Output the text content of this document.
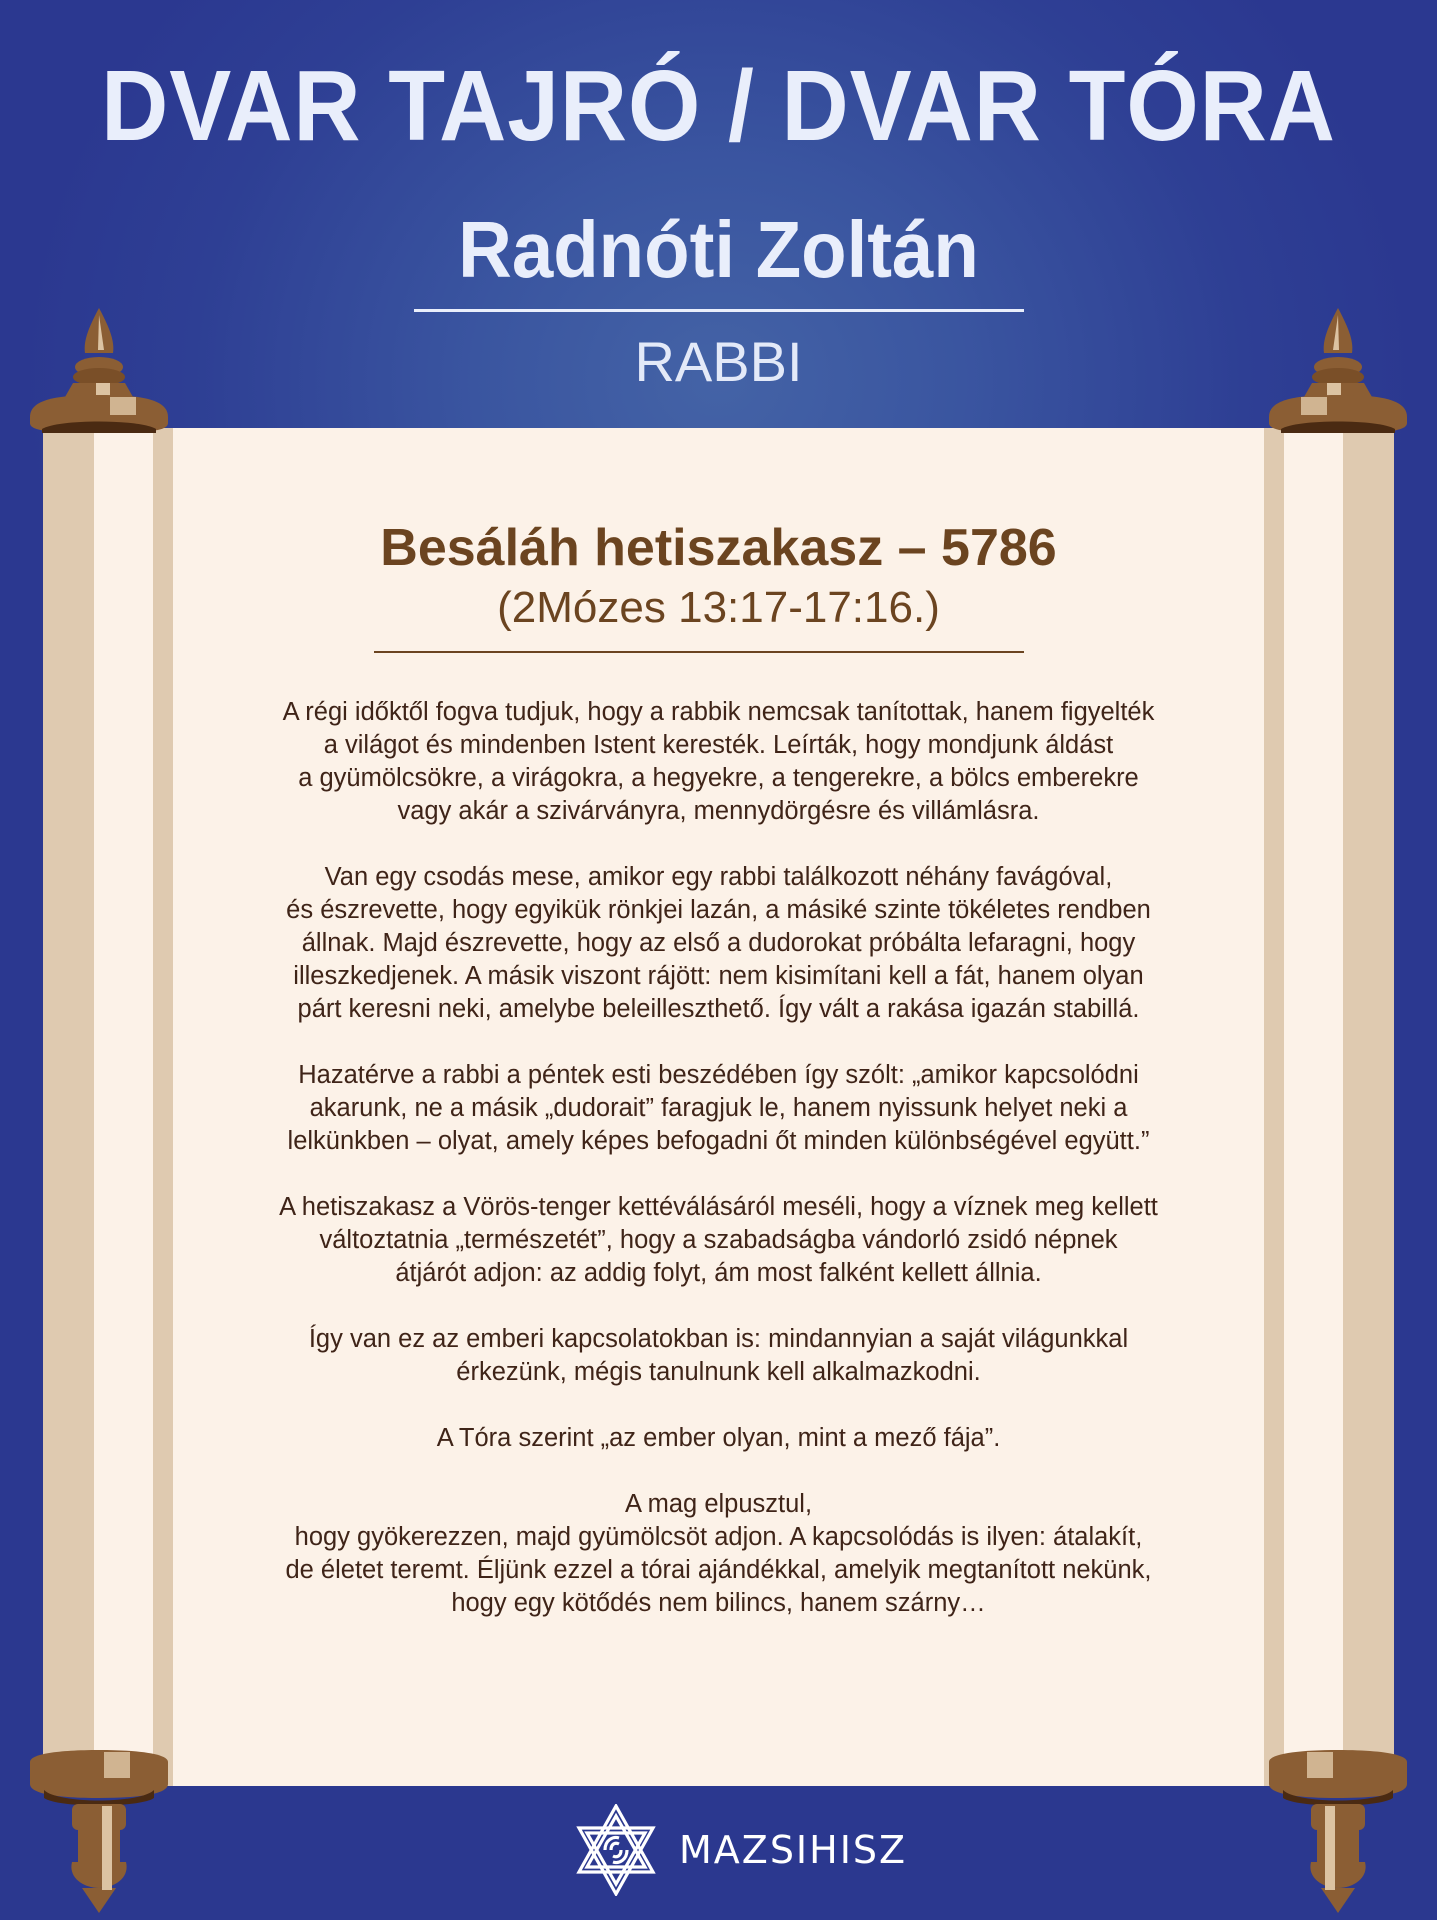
DVAR TAJRÓ / DVAR TÓRA
Radnóti Zoltán
RABBI
Besáláh hetiszakasz – 5786
(2Mózes 13:17-17:16.)

A régi időktől fogva tudjuk, hogy a rabbik nemcsak tanítottak, hanem figyelték
a világot és mindenben Istent keresték. Leírták, hogy mondjunk áldást
a gyümölcsökre, a virágokra, a hegyekre, a tengerekre, a bölcs emberekre
vagy akár a szivárványra, mennydörgésre és villámlásra.

Van egy csodás mese, amikor egy rabbi találkozott néhány favágóval,
és észrevette, hogy egyikük rönkjei lazán, a másiké szinte tökéletes rendben
állnak. Majd észrevette, hogy az első a dudorokat próbálta lefaragni, hogy
illeszkedjenek. A másik viszont rájött: nem kisimítani kell a fát, hanem olyan
párt keresni neki, amelybe beleilleszthető. Így vált a rakása igazán stabillá.

Hazatérve a rabbi a péntek esti beszédében így szólt: „amikor kapcsolódni
akarunk, ne a másik „dudorait” faragjuk le, hanem nyissunk helyet neki a
lelkünkben – olyat, amely képes befogadni őt minden különbségével együtt.”

A hetiszakasz a Vörös-tenger kettéválásáról meséli, hogy a víznek meg kellett
változtatnia „természetét”, hogy a szabadságba vándorló zsidó népnek
átjárót adjon: az addig folyt, ám most falként kellett állnia.

Így van ez az emberi kapcsolatokban is: mindannyian a saját világunkkal
érkezünk, mégis tanulnunk kell alkalmazkodni.

A Tóra szerint „az ember olyan, mint a mező fája”.

A mag elpusztul,
hogy gyökerezzen, majd gyümölcsöt adjon. A kapcsolódás is ilyen: átalakít,
de életet teremt. Éljünk ezzel a tórai ajándékkal, amelyik megtanított nekünk,
hogy egy kötődés nem bilincs, hanem szárny…

MAZSIHISZ
